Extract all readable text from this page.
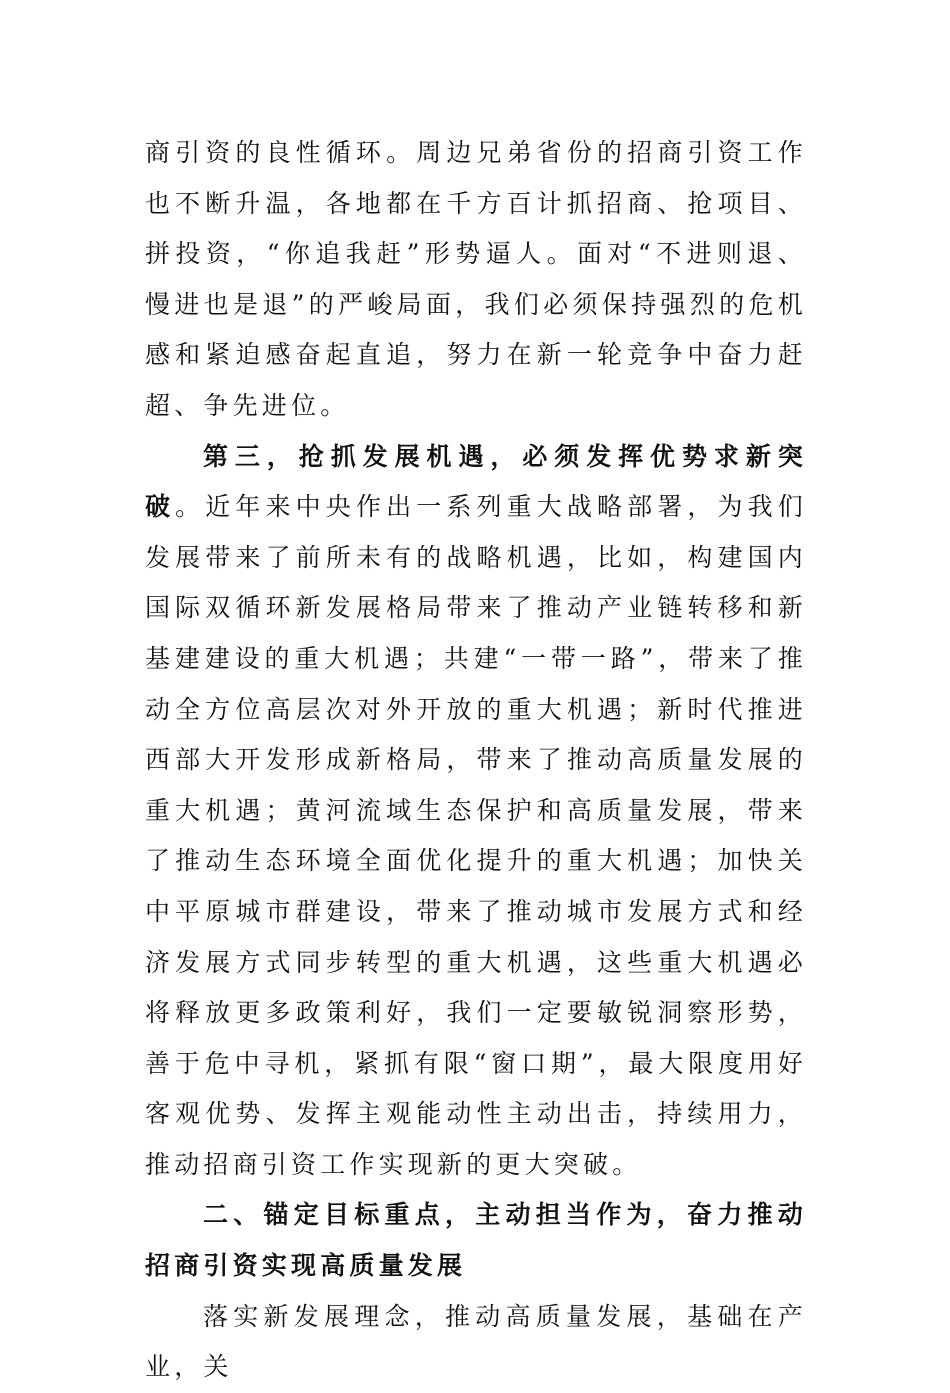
商引资的良性循环。周边兄弟省份的招商引资工作也不断升温，各地都在千方百计抓招商、抢项目、拼投资，“你追我赶”形势逼人。面对“不进则退、慢进也是退”的严峻局面，我们必须保持强烈的危机感和紧迫感奋起直追，努力在新一轮竞争中奋力赶超、争先进位。

第三，抢抓发展机遇，必须发挥优势求新突破。近年来中央作出一系列重大战略部署，为我们发展带来了前所未有的战略机遇，比如，构建国内国际双循环新发展格局带来了推动产业链转移和新基建建设的重大机遇；共建“一带一路”，带来了推动全方位高层次对外开放的重大机遇；新时代推进西部大开发形成新格局，带来了推动高质量发展的重大机遇；黄河流域生态保护和高质量发展，带来了推动生态环境全面优化提升的重大机遇；加快关中平原城市群建设，带来了推动城市发展方式和经济发展方式同步转型的重大机遇，这些重大机遇必将释放更多政策利好，我们一定要敏锐洞察形势，善于危中寻机，紧抓有限“窗口期”，最大限度用好客观优势、发挥主观能动性主动出击，持续用力，推动招商引资工作实现新的更大突破。

二、锚定目标重点，主动担当作为，奋力推动招商引资实现高质量发展

落实新发展理念，推动高质量发展，基础在产业，关
